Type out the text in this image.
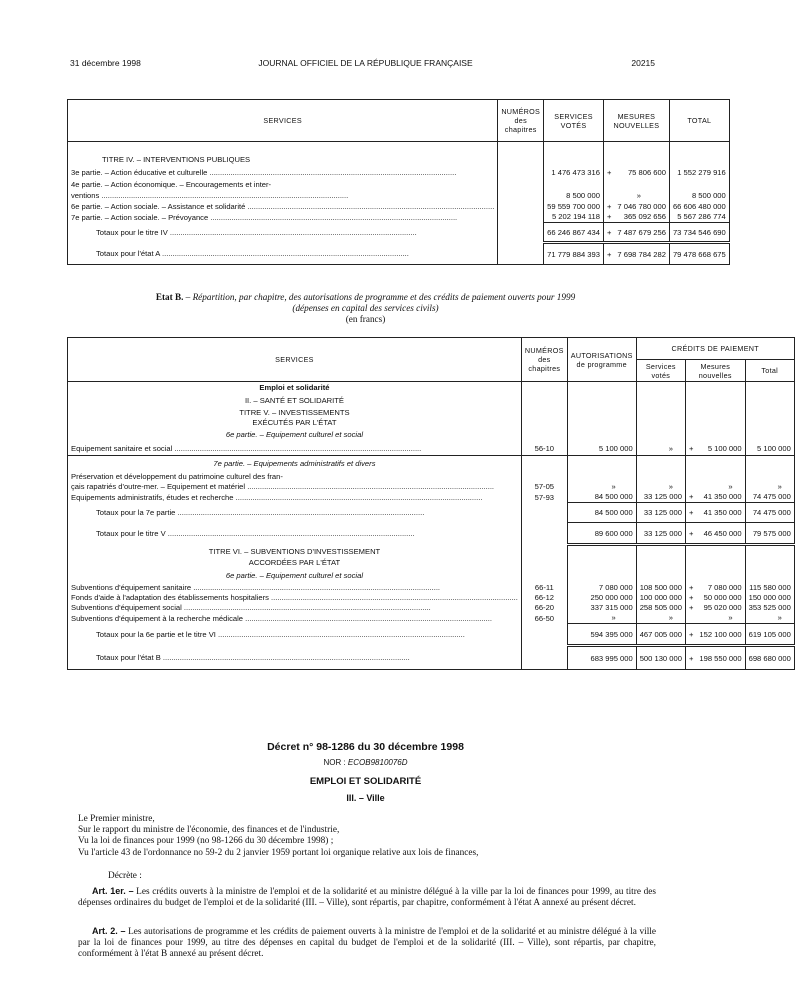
31 décembre 1998	JOURNAL OFFICIEL DE LA RÉPUBLIQUE FRANÇAISE	20215
SERVICES	NUMÉROS des chapitres	SERVICES VOTÉS	MESURES NOUVELLES		TOTAL

TITRE IV. – INTERVENTIONS PUBLIQUES					
3e partie. – Action éducative et culturelle .....		1 476 473 316	+	75 806 600	1 552 279 916
4e partie. – Action économique. – Encouragements et inter-					
ventions .....		8 500 000		»	8 500 000
6e partie. – Action sociale. – Assistance et solidarité .....		59 559 700 000	+	7 046 780 000	66 606 480 000
7e partie. – Action sociale. – Prévoyance .....		5 202 194 118	+	365 092 656	5 567 286 774
Totaux pour le titre IV .....		66 246 867 434	+	7 487 679 256	73 734 546 690
Totaux pour l'état A .....		71 779 884 393	+	7 698 784 282	79 478 668 675
Etat B. – Répartition, par chapitre, des autorisations de programme et des crédits de paiement ouverts pour 1999
(dépenses en capital des services civils)
(en francs)
SERVICES	NUMÉROS des chapitres	AUTORISATIONS de programme	CRÉDITS DE PAIEMENT			
			Services votés	Mesures nouvelles		Total
Emploi et solidarité						
II. – SANTÉ ET SOLIDARITÉ						
TITRE V. – INVESTISSEMENTS						
EXÉCUTÉS PAR L'ÉTAT						
6e partie. – Equipement culturel et social						
Equipement sanitaire et social .....	56-10	5 100 000	»	+	5 100 000	5 100 000
7e partie. – Equipements administratifs et divers						
Préservation et développement du patrimoine culturel des fran-						
çais rapatriés d'outre-mer. – Equipement et matériel .....	57-05	»	»		»	»
Equipements administratifs, études et recherche .....	57-93	84 500 000	33 125 000	+	41 350 000	74 475 000
Totaux pour la 7e partie .....		84 500 000	33 125 000	+	41 350 000	74 475 000
Totaux pour le titre V .....		89 600 000	33 125 000	+	46 450 000	79 575 000
TITRE VI. – SUBVENTIONS D'INVESTISSEMENT						
ACCORDÉES PAR L'ÉTAT						
6e partie. – Equipement culturel et social						
Subventions d'équipement sanitaire .....	66-11	7 080 000	108 500 000	+	7 080 000	115 580 000
Fonds d'aide à l'adaptation des établissements hospitaliers .....	66-12	250 000 000	100 000 000	+	50 000 000	150 000 000
Subventions d'équipement social .....	66-20	337 315 000	258 505 000	+	95 020 000	353 525 000
Subventions d'équipement à la recherche médicale .....	66-50	»	»		»	»
Totaux pour la 6e partie et le titre VI .....		594 395 000	467 005 000	+	152 100 000	619 105 000
Totaux pour l'état B .....		683 995 000	500 130 000	+	198 550 000	698 680 000
Décret n° 98-1286 du 30 décembre 1998
NOR : ECOB9810076D
EMPLOI ET SOLIDARITÉ
III. – Ville
Le Premier ministre,
Sur le rapport du ministre de l'économie, des finances et de l'industrie,
Vu la loi de finances pour 1999 (no 98-1266 du 30 décembre 1998) ;
Vu l'article 43 de l'ordonnance no 59-2 du 2 janvier 1959 portant loi organique relative aux lois de finances,
Décrète :
Art. 1er. – Les crédits ouverts à la ministre de l'emploi et de la solidarité et au ministre délégué à la ville par la loi de finances pour 1999, au titre des dépenses ordinaires du budget de l'emploi et de la solidarité (III. – Ville), sont répartis, par chapitre, conformément à l'état A annexé au présent décret.
Art. 2. – Les autorisations de programme et les crédits de paiement ouverts à la ministre de l'emploi et de la solidarité et au ministre délégué à la ville par la loi de finances pour 1999, au titre des dépenses en capital du budget de l'emploi et de la solidarité (III. – Ville), sont répartis, par chapitre, conformément à l'état B annexé au présent décret.
